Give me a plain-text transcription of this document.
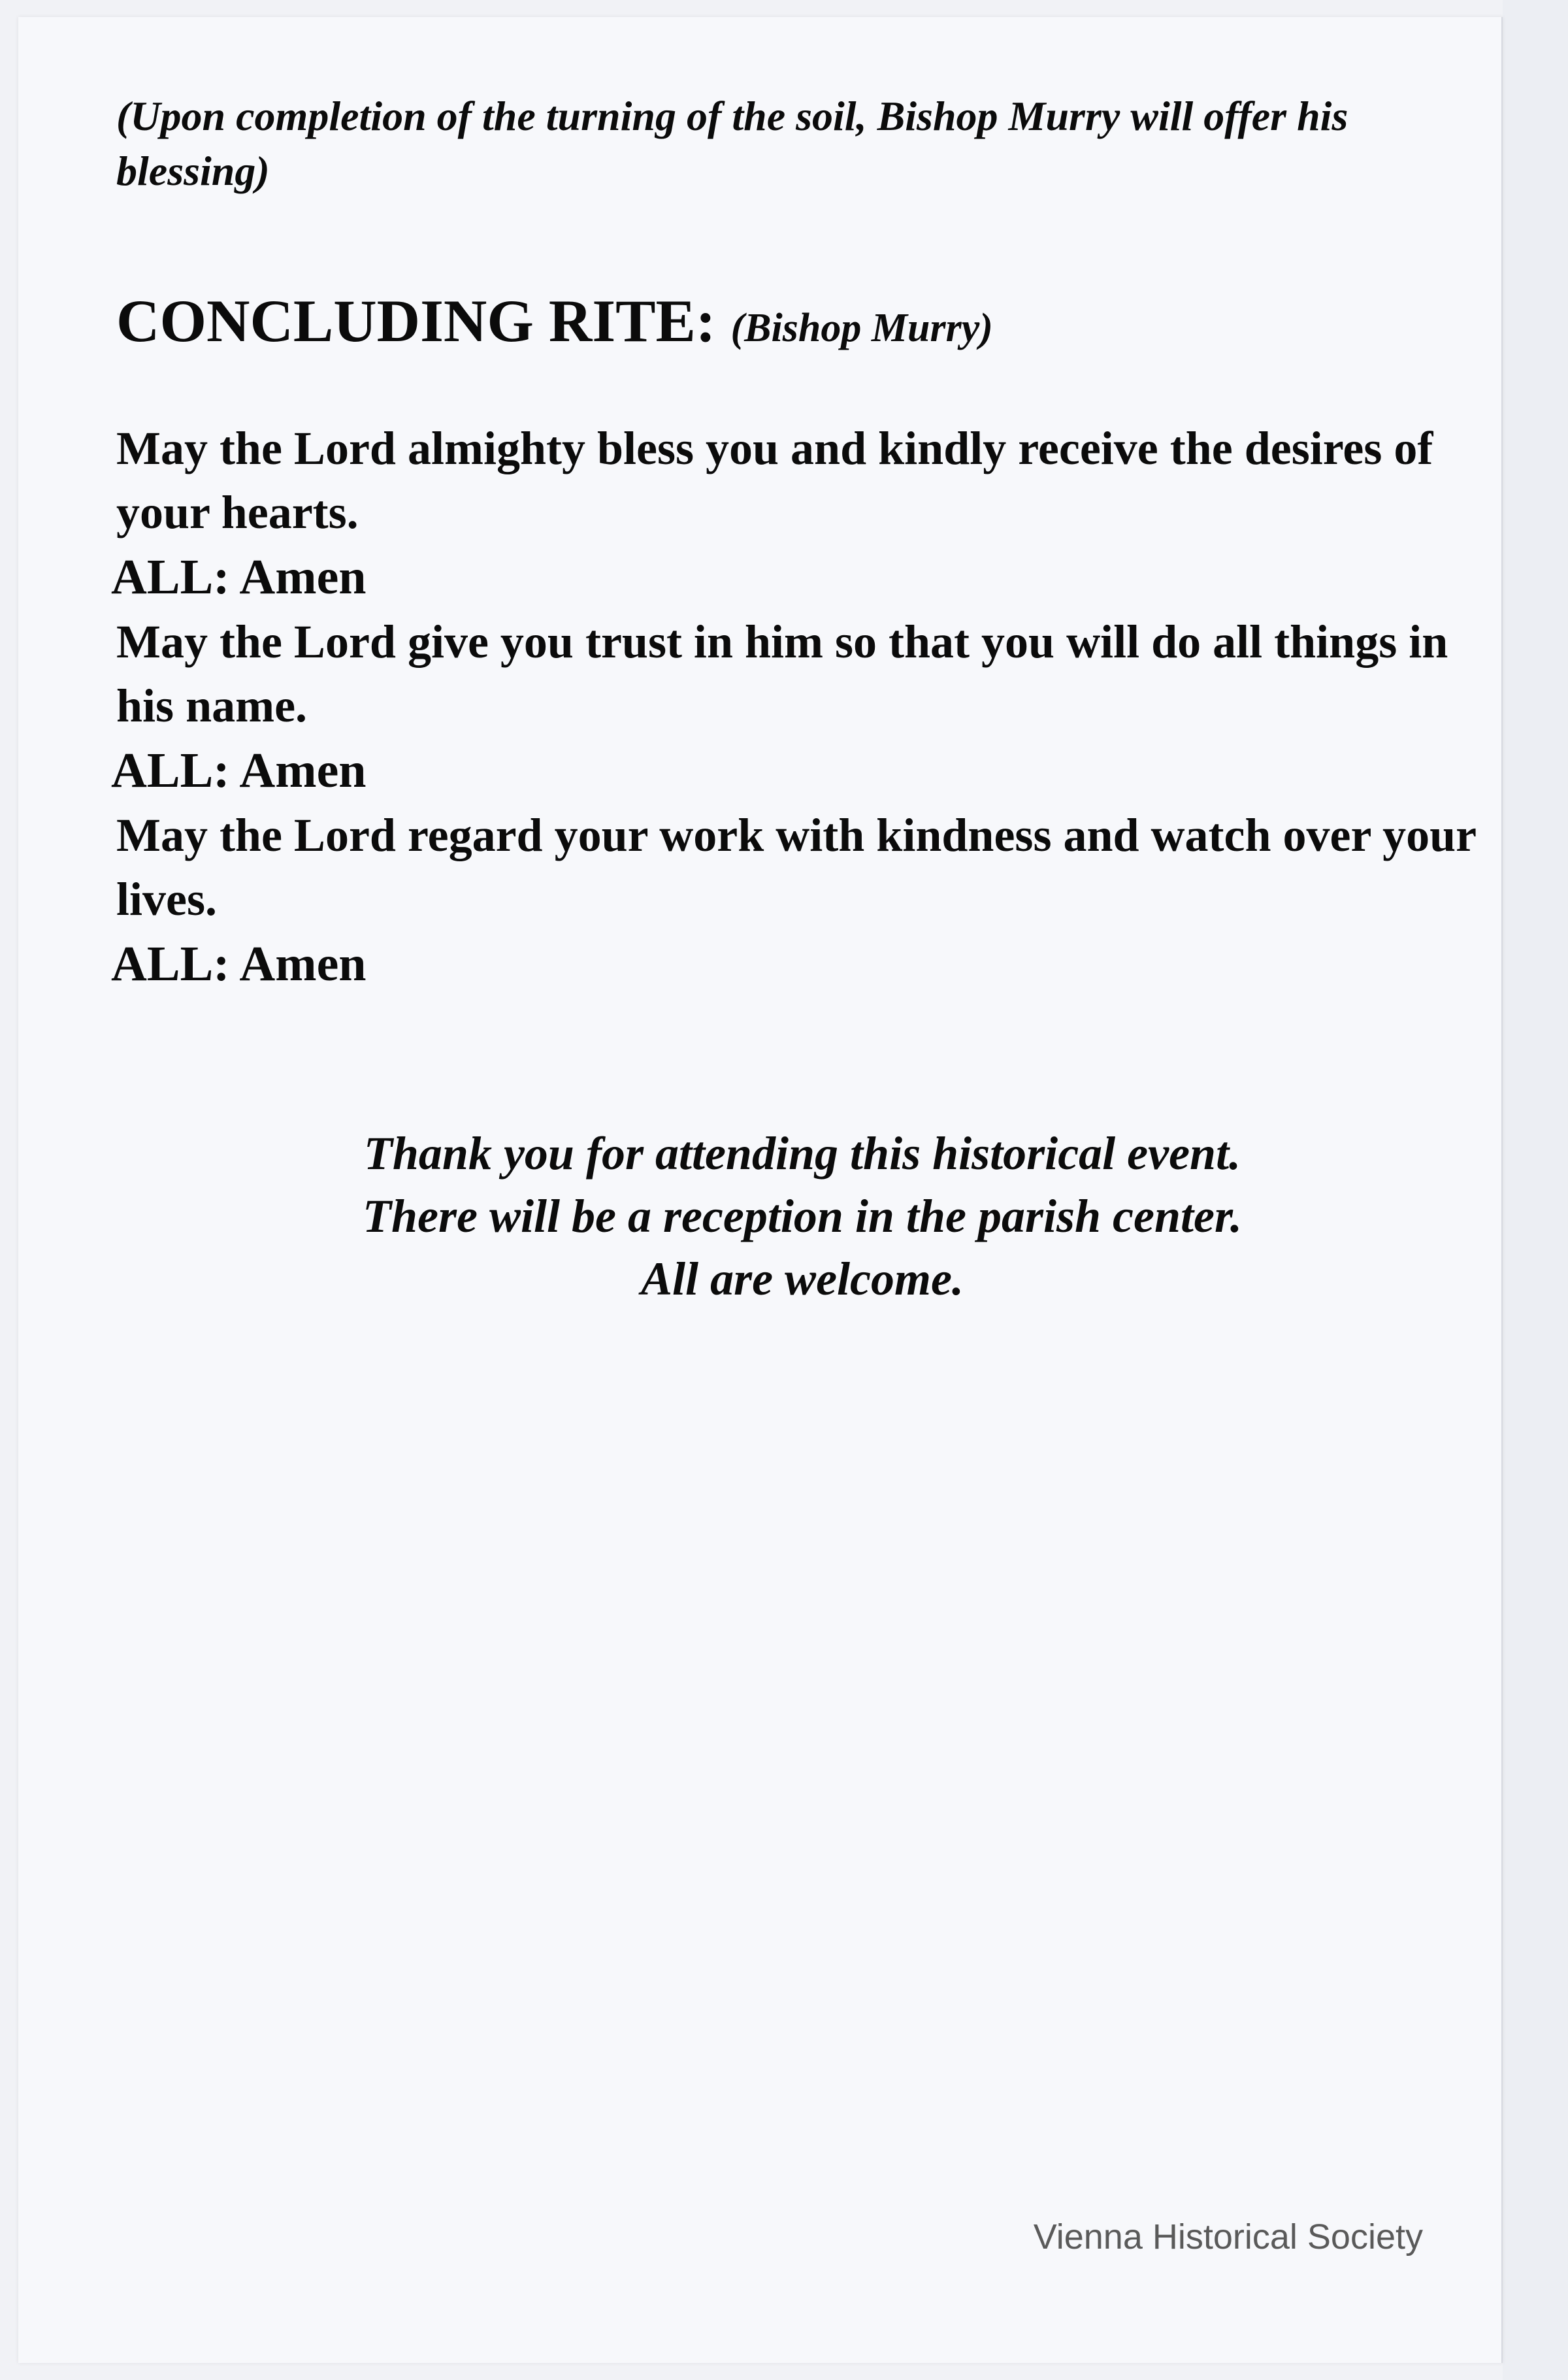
(Upon completion of the turning of the soil, Bishop Murry will offer his blessing)

CONCLUDING RITE: (Bishop Murry)

May the Lord almighty bless you and kindly receive the desires of your hearts.

ALL: Amen

May the Lord give you trust in him so that you will do all things in his name.

ALL: Amen

May the Lord regard your work with kindness and watch over your lives.

ALL: Amen

Thank you for attending this historical event.
There will be a reception in the parish center.
All are welcome.
Vienna Historical Society
